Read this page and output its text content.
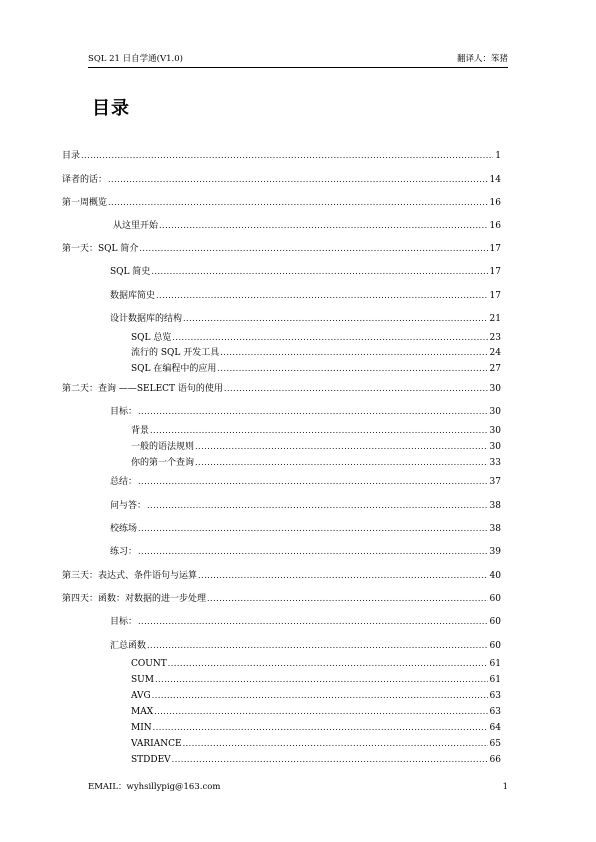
SQL 21 日自学通(V1.0)	翻译人：笨猪
目录
目录 .....	1
译者的话： .....	14
第一周概览 .....	16
从这里开始 .....	16
第一天：SQL 简介 .....	17
SQL 简史 .....	17
数据库简史 .....	17
设计数据库的结构 .....	21
SQL 总览 .....	23
流行的 SQL 开发工具 .....	24
SQL 在编程中的应用 .....	27
第二天：查询 ——SELECT 语句的使用 .....	30
目标： .....	30
背景 .....	30
一般的语法规则 .....	30
你的第一个查询 .....	33
总结： .....	37
问与答： .....	38
校练场 .....	38
练习： .....	39
第三天：表达式、条件语句与运算 .....	40
第四天：函数：对数据的进一步处理 .....	60
目标： .....	60
汇总函数 .....	60
COUNT .....	61
SUM .....	61
AVG .....	63
MAX .....	63
MIN .....	64
VARIANCE .....	65
STDDEV .....	66
EMAIL：wyhsillypig@163.com	1
